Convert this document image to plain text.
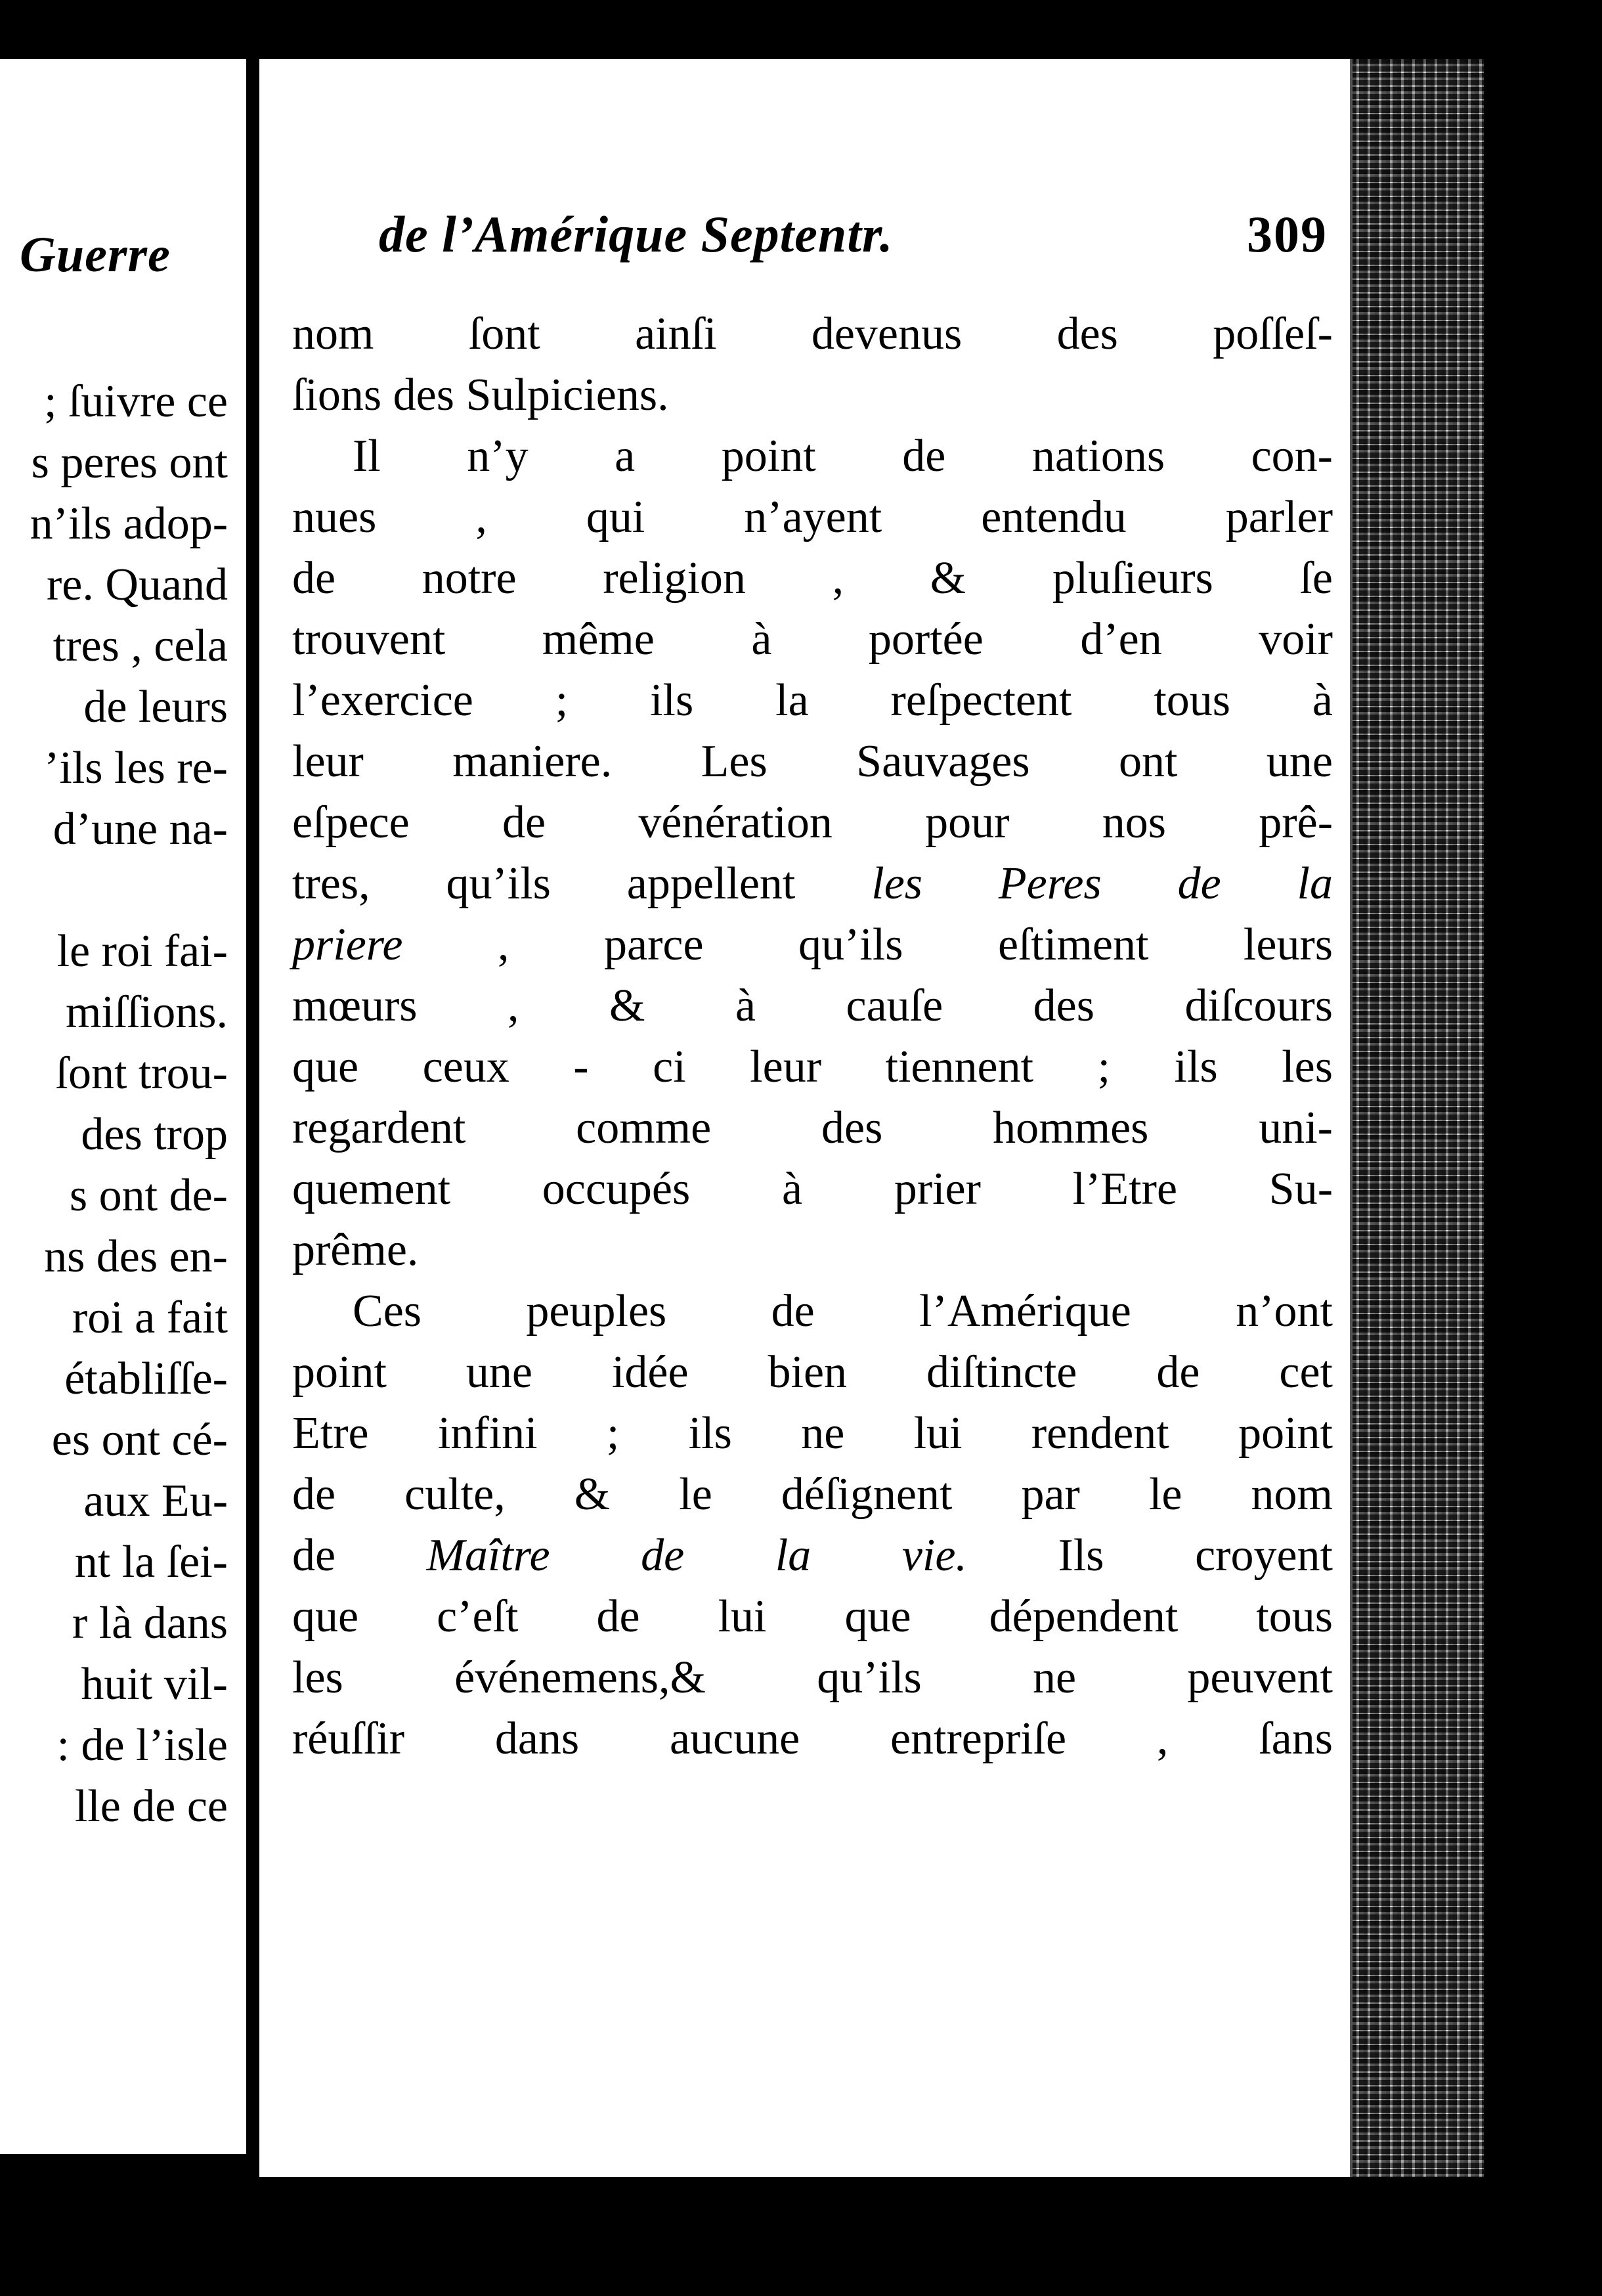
Guerre
; ſuivre ce
s peres ont
n’ils adop-
re. Quand
tres , cela
de leurs
’ils les re-
d’une na-
le roi fai-
miſſions.
ſont trou-
des trop
s ont de-
ns des en-
roi a fait
établiſſe-
es ont cé-
aux Eu-
nt la ſei-
r là dans
huit vil-
: de l’isle
lle de ce
de l’Amérique Septentr.	309
nom ſont ainſi devenus des poſſeſ-
ſions des Sulpiciens.
Il n’y a point de nations con-
nues , qui n’ayent entendu parler
de notre religion , & pluſieurs ſe
trouvent même à portée d’en voir
l’exercice ; ils la reſpectent tous à
leur maniere. Les Sauvages ont une
eſpece de vénération pour nos prê-
tres, qu’ils appellent les Peres de la
priere , parce qu’ils eſtiment leurs
mœurs , & à cauſe des diſcours
que ceux - ci leur tiennent ; ils les
regardent comme des hommes uni-
quement occupés à prier l’Etre Su-
prême.
Ces peuples de l’Amérique n’ont
point une idée bien diſtincte de cet
Etre infini ; ils ne lui rendent point
de culte, & le déſignent par le nom
de Maître de la vie. Ils croyent
que c’eſt de lui que dépendent tous
les événemens,& qu’ils ne peuvent
réuſſir dans aucune entrepriſe , ſans
